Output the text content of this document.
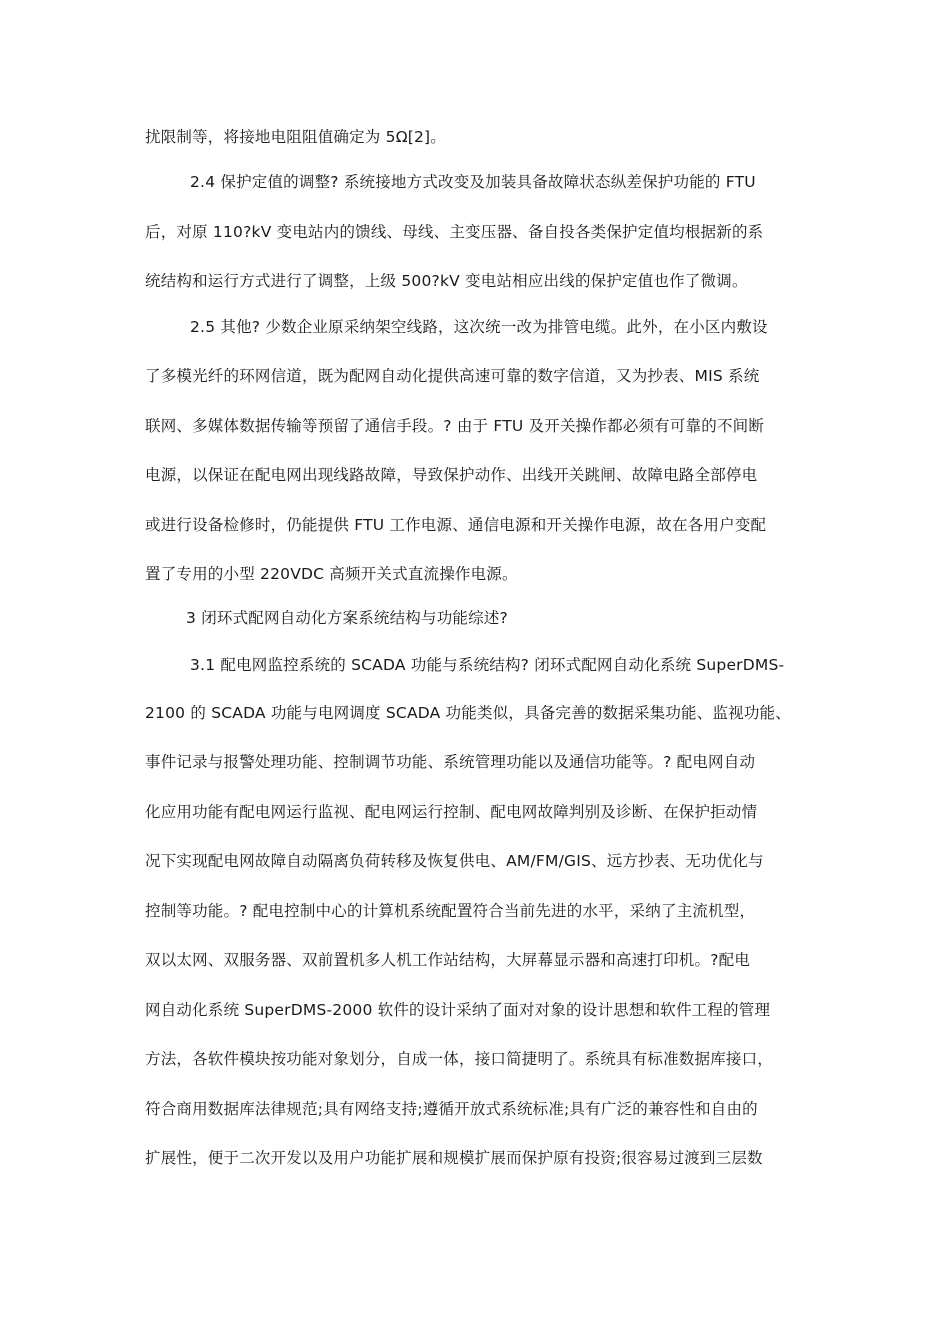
扰限制等，将接地电阻阻值确定为 5Ω[2]。
2.4 保护定值的调整? 系统接地方式改变及加装具备故障状态纵差保护功能的 FTU
后，对原 110?kV 变电站内的馈线、母线、主变压器、备自投各类保护定值均根据新的系
统结构和运行方式进行了调整，上级 500?kV 变电站相应出线的保护定值也作了微调。
2.5 其他? 少数企业原采纳架空线路，这次统一改为排管电缆。此外，在小区内敷设
了多模光纤的环网信道，既为配网自动化提供高速可靠的数字信道，又为抄表、MIS 系统
联网、多媒体数据传输等预留了通信手段。? 由于 FTU 及开关操作都必须有可靠的不间断
电源，以保证在配电网出现线路故障，导致保护动作、出线开关跳闸、故障电路全部停电
或进行设备检修时，仍能提供 FTU 工作电源、通信电源和开关操作电源，故在各用户变配
置了专用的小型 220VDC 高频开关式直流操作电源。
3 闭环式配网自动化方案系统结构与功能综述?
3.1 配电网监控系统的 SCADA 功能与系统结构? 闭环式配网自动化系统 SuperDMS-
2100 的 SCADA 功能与电网调度 SCADA 功能类似，具备完善的数据采集功能、监视功能、
事件记录与报警处理功能、控制调节功能、系统管理功能以及通信功能等。? 配电网自动
化应用功能有配电网运行监视、配电网运行控制、配电网故障判别及诊断、在保护拒动情
况下实现配电网故障自动隔离负荷转移及恢复供电、AM/FM/GIS、远方抄表、无功优化与
控制等功能。? 配电控制中心的计算机系统配置符合当前先进的水平，采纳了主流机型，
双以太网、双服务器、双前置机多人机工作站结构，大屏幕显示器和高速打印机。?配电
网自动化系统 SuperDMS-2000 软件的设计采纳了面对对象的设计思想和软件工程的管理
方法，各软件模块按功能对象划分，自成一体，接口简捷明了。系统具有标准数据库接口，
符合商用数据库法律规范;具有网络支持;遵循开放式系统标准;具有广泛的兼容性和自由的
扩展性，便于二次开发以及用户功能扩展和规模扩展而保护原有投资;很容易过渡到三层数
